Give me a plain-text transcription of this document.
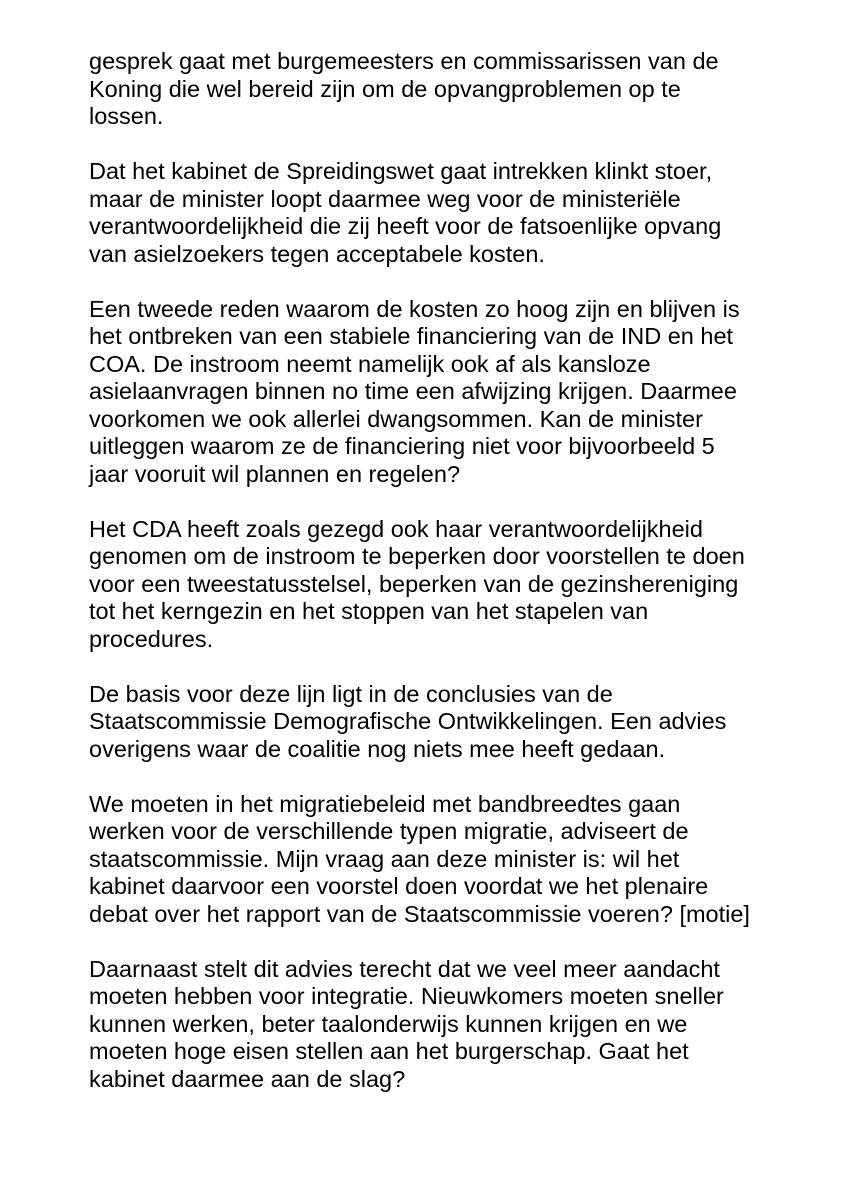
gesprek gaat met burgemeesters en commissarissen van de
Koning die wel bereid zijn om de opvangproblemen op te
lossen.

Dat het kabinet de Spreidingswet gaat intrekken klinkt stoer,
maar de minister loopt daarmee weg voor de ministeriële
verantwoordelijkheid die zij heeft voor de fatsoenlijke opvang
van asielzoekers tegen acceptabele kosten.

Een tweede reden waarom de kosten zo hoog zijn en blijven is
het ontbreken van een stabiele financiering van de IND en het
COA. De instroom neemt namelijk ook af als kansloze
asielaanvragen binnen no time een afwijzing krijgen. Daarmee
voorkomen we ook allerlei dwangsommen. Kan de minister
uitleggen waarom ze de financiering niet voor bijvoorbeeld 5
jaar vooruit wil plannen en regelen?

Het CDA heeft zoals gezegd ook haar verantwoordelijkheid
genomen om de instroom te beperken door voorstellen te doen
voor een tweestatusstelsel, beperken van de gezinshereniging
tot het kerngezin en het stoppen van het stapelen van
procedures.

De basis voor deze lijn ligt in de conclusies van de
Staatscommissie Demografische Ontwikkelingen. Een advies
overigens waar de coalitie nog niets mee heeft gedaan.

We moeten in het migratiebeleid met bandbreedtes gaan
werken voor de verschillende typen migratie, adviseert de
staatscommissie. Mijn vraag aan deze minister is: wil het
kabinet daarvoor een voorstel doen voordat we het plenaire
debat over het rapport van de Staatscommissie voeren? [motie]

Daarnaast stelt dit advies terecht dat we veel meer aandacht
moeten hebben voor integratie. Nieuwkomers moeten sneller
kunnen werken, beter taalonderwijs kunnen krijgen en we
moeten hoge eisen stellen aan het burgerschap. Gaat het
kabinet daarmee aan de slag?
